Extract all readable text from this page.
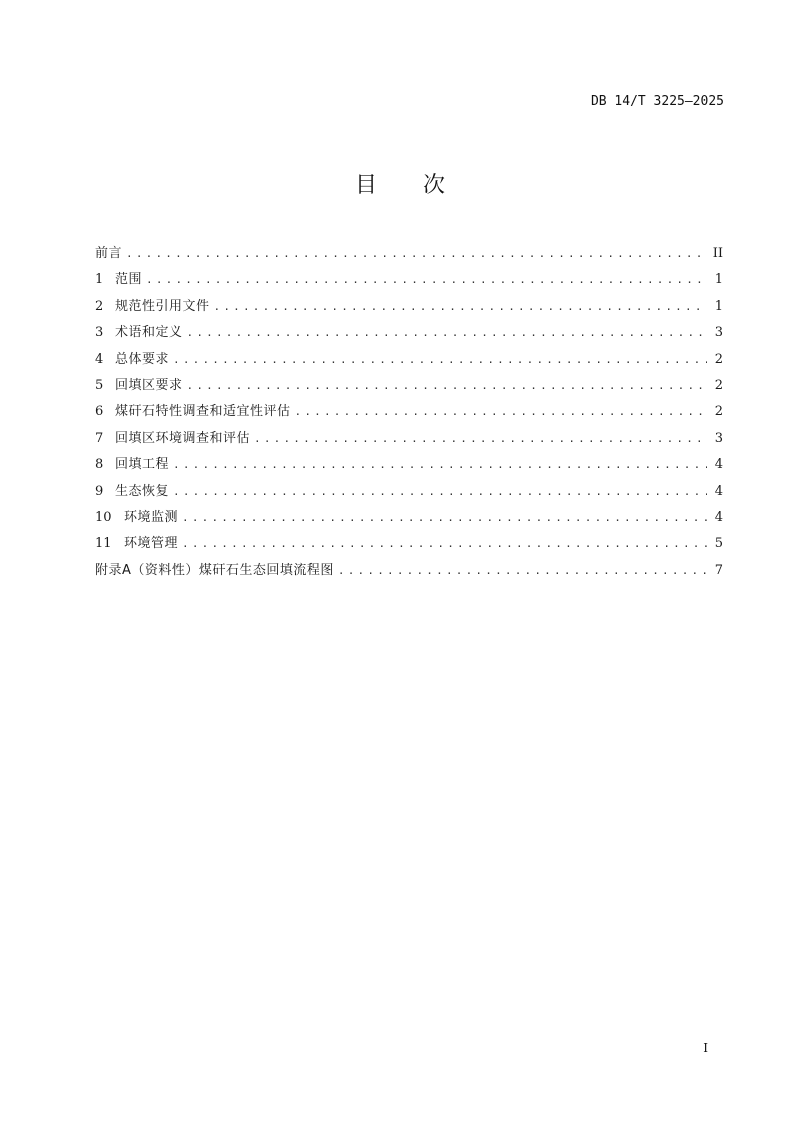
DB 14/T 3225—2025
目 次
前言 .....	II
1 范围 .....	1
2 规范性引用文件 .....	1
3 术语和定义 .....	3
4 总体要求 .....	2
5 回填区要求 .....	2
6 煤矸石特性调查和适宜性评估 .....	2
7 回填区环境调查和评估 .....	3
8 回填工程 .....	4
9 生态恢复 .....	4
10 环境监测 .....	4
11 环境管理 .....	5
附录A（资料性）煤矸石生态回填流程图 .....	7
I
